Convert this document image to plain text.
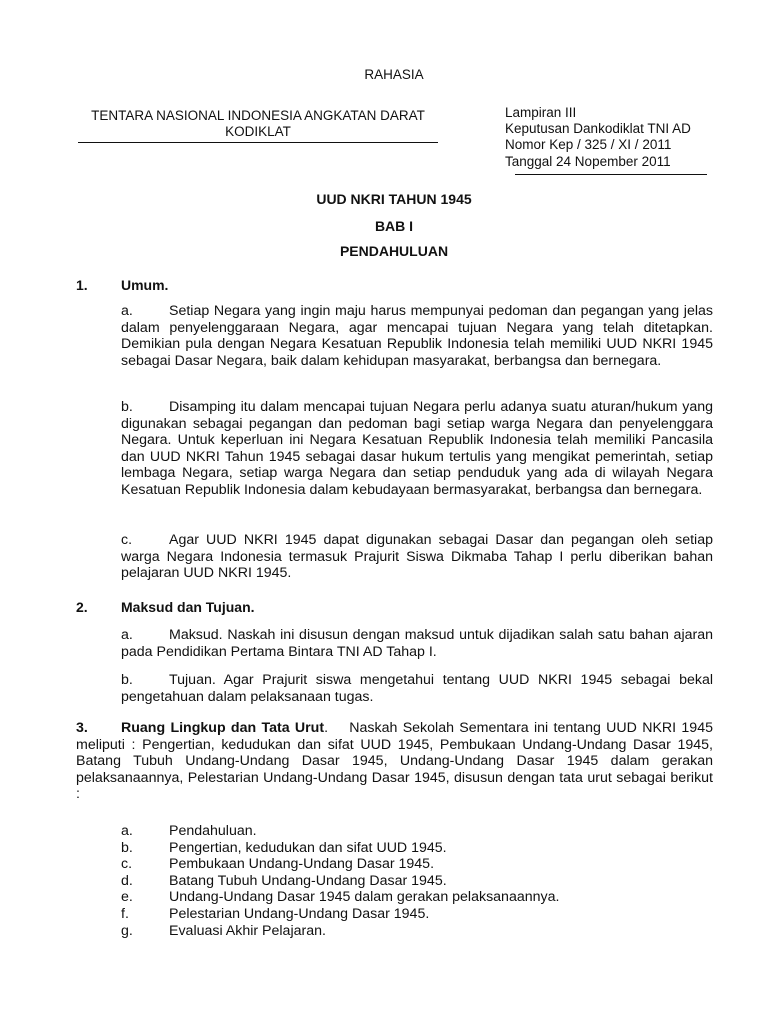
RAHASIA
TENTARA NASIONAL INDONESIA ANGKATAN DARAT
KODIKLAT
Lampiran III
Keputusan Dankodiklat TNI AD
Nomor Kep / 325 / XI / 2011
Tanggal 24 Nopember 2011
UUD NKRI TAHUN 1945
BAB I
PENDAHULUAN
1. Umum.
a.	Setiap Negara yang ingin maju harus mempunyai pedoman dan pegangan yang jelas dalam penyelenggaraan Negara, agar mencapai tujuan Negara yang telah ditetapkan. Demikian pula dengan Negara Kesatuan Republik Indonesia telah memiliki UUD NKRI 1945 sebagai Dasar Negara, baik dalam kehidupan masyarakat, berbangsa dan bernegara.
b.	Disamping itu dalam mencapai tujuan Negara perlu adanya suatu aturan/hukum yang digunakan sebagai pegangan dan pedoman bagi setiap warga Negara dan penyelenggara Negara. Untuk keperluan ini Negara Kesatuan Republik Indonesia telah memiliki Pancasila dan UUD NKRI Tahun 1945 sebagai dasar hukum tertulis yang mengikat pemerintah, setiap lembaga Negara, setiap warga Negara dan setiap penduduk yang ada di wilayah Negara Kesatuan Republik Indonesia dalam kebudayaan bermasyarakat, berbangsa dan bernegara.
c.	Agar UUD NKRI 1945 dapat digunakan sebagai Dasar dan pegangan oleh setiap warga Negara Indonesia termasuk Prajurit Siswa Dikmaba Tahap I perlu diberikan bahan pelajaran UUD NKRI 1945.
2. Maksud dan Tujuan.
a.	Maksud. Naskah ini disusun dengan maksud untuk dijadikan salah satu bahan ajaran pada Pendidikan Pertama Bintara TNI AD Tahap I.
b.	Tujuan. Agar Prajurit siswa mengetahui tentang UUD NKRI 1945 sebagai bekal pengetahuan dalam pelaksanaan tugas.
3. Ruang Lingkup dan Tata Urut. Naskah Sekolah Sementara ini tentang UUD NKRI 1945 meliputi : Pengertian, kedudukan dan sifat UUD 1945, Pembukaan Undang-Undang Dasar 1945, Batang Tubuh Undang-Undang Dasar 1945, Undang-Undang Dasar 1945 dalam gerakan pelaksanaannya, Pelestarian Undang-Undang Dasar 1945, disusun dengan tata urut sebagai berikut :
a.	Pendahuluan.
b.	Pengertian, kedudukan dan sifat UUD 1945.
c.	Pembukaan Undang-Undang Dasar 1945.
d.	Batang Tubuh Undang-Undang Dasar 1945.
e.	Undang-Undang Dasar 1945 dalam gerakan pelaksanaannya.
f.	Pelestarian Undang-Undang Dasar 1945.
g.	Evaluasi Akhir Pelajaran.
